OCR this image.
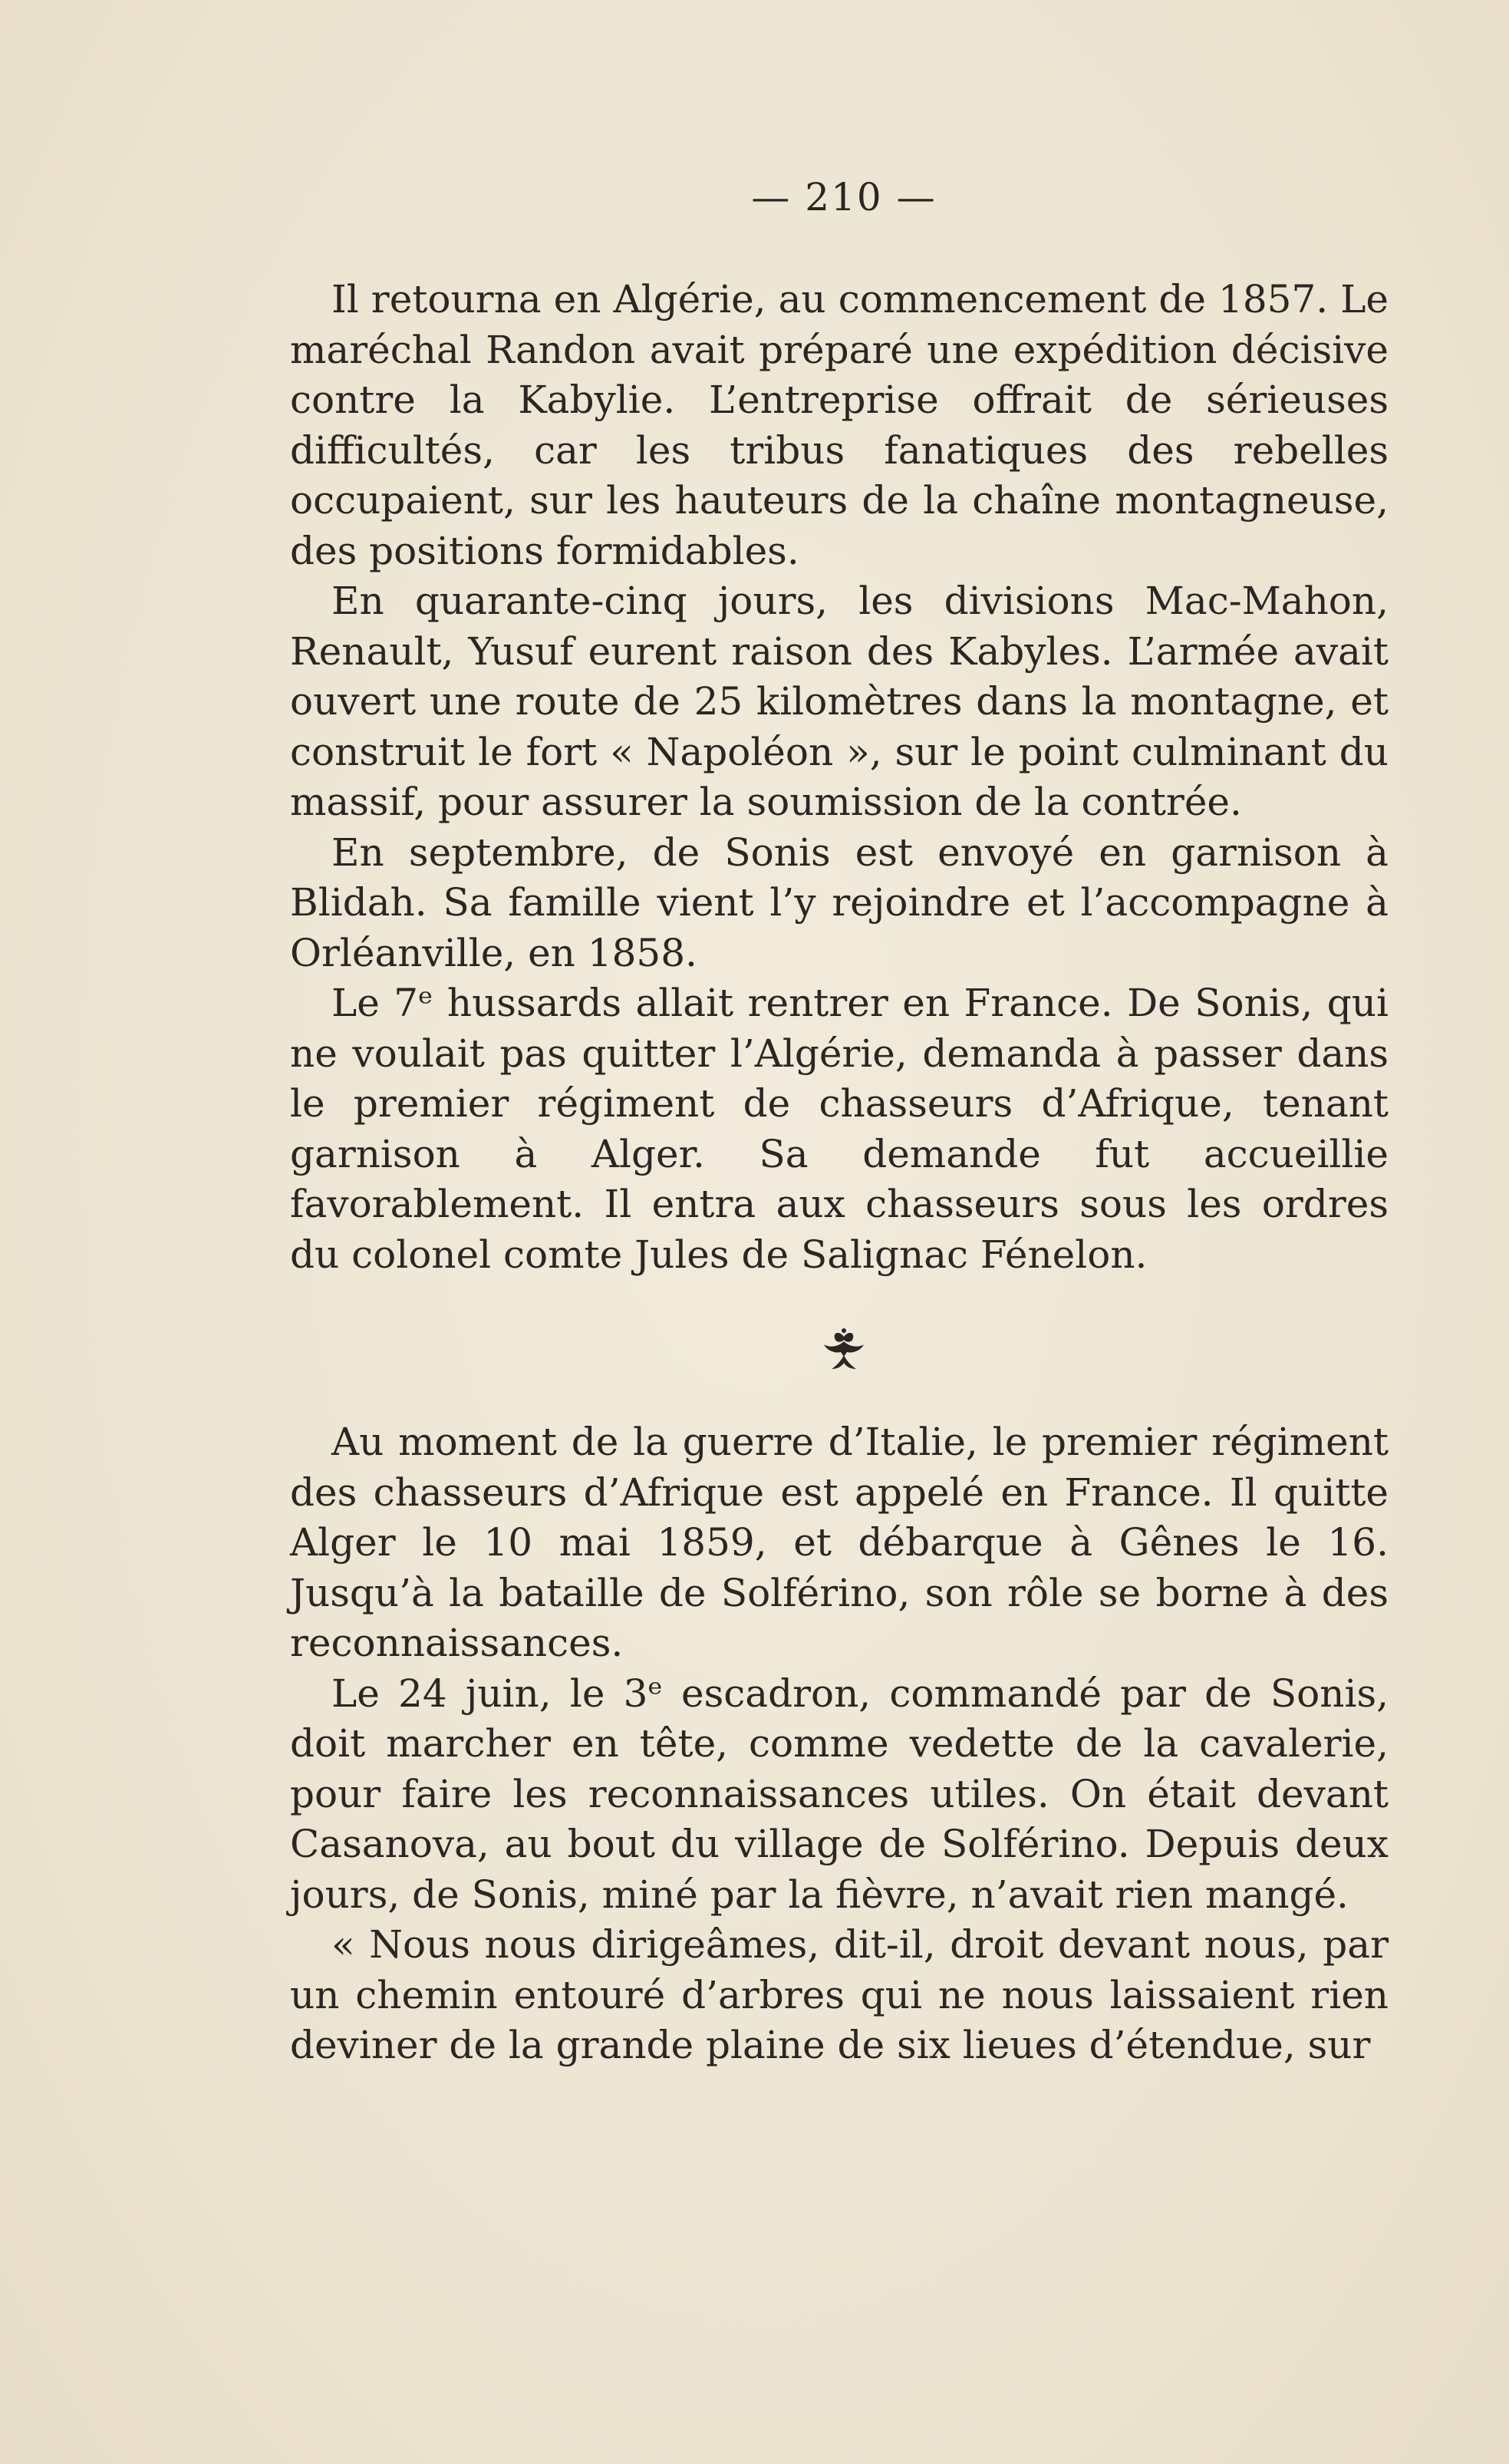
— 210 —

Il retourna en Algérie, au commencement de 1857. Le maréchal Randon avait préparé une expédition décisive contre la Kabylie. L’entreprise offrait de sérieuses difficultés, car les tribus fanatiques des rebelles occupaient, sur les hauteurs de la chaîne montagneuse, des positions formidables.

En quarante-cinq jours, les divisions Mac-Mahon, Renault, Yusuf eurent raison des Kabyles. L’armée avait ouvert une route de 25 kilomètres dans la montagne, et construit le fort « Napoléon », sur le point culminant du massif, pour assurer la soumission de la contrée.

En septembre, de Sonis est envoyé en garnison à Blidah. Sa famille vient l’y rejoindre et l’accompagne à Orléanville, en 1858.

Le 7ᵉ hussards allait rentrer en France. De Sonis, qui ne voulait pas quitter l’Algérie, demanda à passer dans le premier régiment de chasseurs d’Afrique, tenant garnison à Alger. Sa demande fut accueillie favorablement. Il entra aux chasseurs sous les ordres du colonel comte Jules de Salignac Fénelon.

Au moment de la guerre d’Italie, le premier régiment des chasseurs d’Afrique est appelé en France. Il quitte Alger le 10 mai 1859, et débarque à Gênes le 16. Jusqu’à la bataille de Solférino, son rôle se borne à des reconnaissances.

Le 24 juin, le 3ᵉ escadron, commandé par de Sonis, doit marcher en tête, comme vedette de la cavalerie, pour faire les reconnaissances utiles. On était devant Casanova, au bout du village de Solférino. Depuis deux jours, de Sonis, miné par la fièvre, n’avait rien mangé.

« Nous nous dirigeâmes, dit-il, droit devant nous, par un chemin entouré d’arbres qui ne nous laissaient rien deviner de la grande plaine de six lieues d’étendue, sur
